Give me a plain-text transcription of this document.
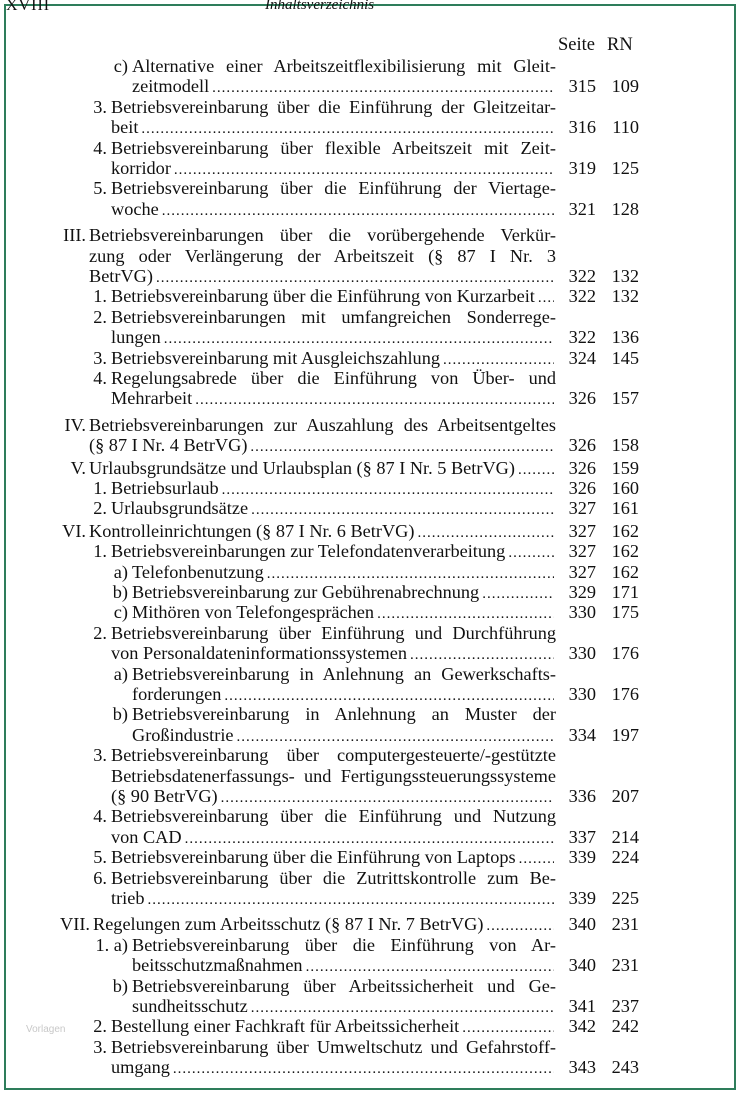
XVIII	Inhaltsverzeichnis
Seite RN
c) Alternative einer Arbeitszeitflexibilisierung mit Gleit-
zeitmodell .....	315 109
3. Betriebsvereinbarung über die Einführung der Gleitzeitar-
beit .....	316 110
4. Betriebsvereinbarung über flexible Arbeitszeit mit Zeit-
korridor .....	319 125
5. Betriebsvereinbarung über die Einführung der Viertage-
woche .....	321 128
III. Betriebsvereinbarungen über die vorübergehende Verkür-
zung oder Verlängerung der Arbeitszeit (§ 87 I Nr. 3
BetrVG) .....	322 132
1. Betriebsvereinbarung über die Einführung von Kurzarbeit .....	322 132
2. Betriebsvereinbarungen mit umfangreichen Sonderrege-
lungen .....	322 136
3. Betriebsvereinbarung mit Ausgleichszahlung .....	324 145
4. Regelungsabrede über die Einführung von Über- und
Mehrarbeit .....	326 157
IV. Betriebsvereinbarungen zur Auszahlung des Arbeitsentgeltes
(§ 87 I Nr. 4 BetrVG) .....	326 158
V. Urlaubsgrundsätze und Urlaubsplan (§ 87 I Nr. 5 BetrVG) .....	326 159
1. Betriebsurlaub .....	326 160
2. Urlaubsgrundsätze .....	327 161
VI. Kontrolleinrichtungen (§ 87 I Nr. 6 BetrVG) .....	327 162
1. Betriebsvereinbarungen zur Telefondatenverarbeitung .....	327 162
a) Telefonbenutzung .....	327 162
b) Betriebsvereinbarung zur Gebührenabrechnung .....	329 171
c) Mithören von Telefongesprächen .....	330 175
2. Betriebsvereinbarung über Einführung und Durchführung
von Personaldateninformationssystemen .....	330 176
a) Betriebsvereinbarung in Anlehnung an Gewerkschafts-
forderungen .....	330 176
b) Betriebsvereinbarung in Anlehnung an Muster der
Großindustrie .....	334 197
3. Betriebsvereinbarung über computergesteuerte/-gestützte
Betriebsdatenerfassungs- und Fertigungssteuerungssysteme
(§ 90 BetrVG) .....	336 207
4. Betriebsvereinbarung über die Einführung und Nutzung
von CAD .....	337 214
5. Betriebsvereinbarung über die Einführung von Laptops .....	339 224
6. Betriebsvereinbarung über die Zutrittskontrolle zum Be-
trieb .....	339 225
VII. Regelungen zum Arbeitsschutz (§ 87 I Nr. 7 BetrVG) .....	340 231
1. a) Betriebsvereinbarung über die Einführung von Ar-
beitsschutzmaßnahmen .....	340 231
b) Betriebsvereinbarung über Arbeitssicherheit und Ge-
sundheitsschutz .....	341 237
2. Bestellung einer Fachkraft für Arbeitssicherheit .....	342 242
3. Betriebsvereinbarung über Umweltschutz und Gefahrstoff-
umgang .....	343 243
Vorlagen
